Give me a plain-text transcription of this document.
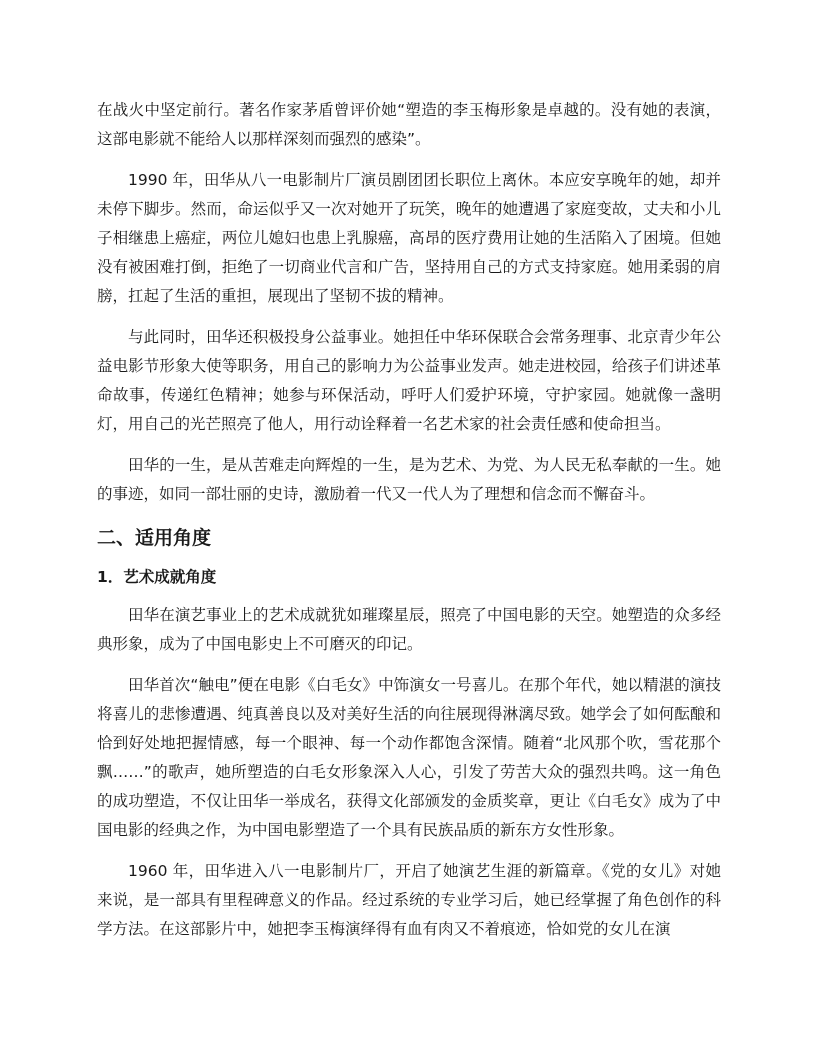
在战火中坚定前行。著名作家茅盾曾评价她“塑造的李玉梅形象是卓越的。没有她的表演，这部电影就不能给人以那样深刻而强烈的感染”。

1990 年，田华从八一电影制片厂演员剧团团长职位上离休。本应安享晚年的她，却并未停下脚步。然而，命运似乎又一次对她开了玩笑，晚年的她遭遇了家庭变故，丈夫和小儿子相继患上癌症，两位儿媳妇也患上乳腺癌，高昂的医疗费用让她的生活陷入了困境。但她没有被困难打倒，拒绝了一切商业代言和广告，坚持用自己的方式支持家庭。她用柔弱的肩膀，扛起了生活的重担，展现出了坚韧不拔的精神。

与此同时，田华还积极投身公益事业。她担任中华环保联合会常务理事、北京青少年公益电影节形象大使等职务，用自己的影响力为公益事业发声。她走进校园，给孩子们讲述革命故事，传递红色精神；她参与环保活动，呼吁人们爱护环境，守护家园。她就像一盏明灯，用自己的光芒照亮了他人，用行动诠释着一名艺术家的社会责任感和使命担当。

田华的一生，是从苦难走向辉煌的一生，是为艺术、为党、为人民无私奉献的一生。她的事迹，如同一部壮丽的史诗，激励着一代又一代人为了理想和信念而不懈奋斗。

二、适用角度
1．艺术成就角度

田华在演艺事业上的艺术成就犹如璀璨星辰，照亮了中国电影的天空。她塑造的众多经典形象，成为了中国电影史上不可磨灭的印记。

田华首次“触电”便在电影《白毛女》中饰演女一号喜儿。在那个年代，她以精湛的演技将喜儿的悲惨遭遇、纯真善良以及对美好生活的向往展现得淋漓尽致。她学会了如何酝酿和恰到好处地把握情感，每一个眼神、每一个动作都饱含深情。随着“北风那个吹，雪花那个飘……”的歌声，她所塑造的白毛女形象深入人心，引发了劳苦大众的强烈共鸣。这一角色的成功塑造，不仅让田华一举成名，获得文化部颁发的金质奖章，更让《白毛女》成为了中国电影的经典之作，为中国电影塑造了一个具有民族品质的新东方女性形象。

1960 年，田华进入八一电影制片厂，开启了她演艺生涯的新篇章。《党的女儿》对她来说，是一部具有里程碑意义的作品。经过系统的专业学习后，她已经掌握了角色创作的科学方法。在这部影片中，她把李玉梅演绎得有血有肉又不着痕迹，恰如党的女儿在演
